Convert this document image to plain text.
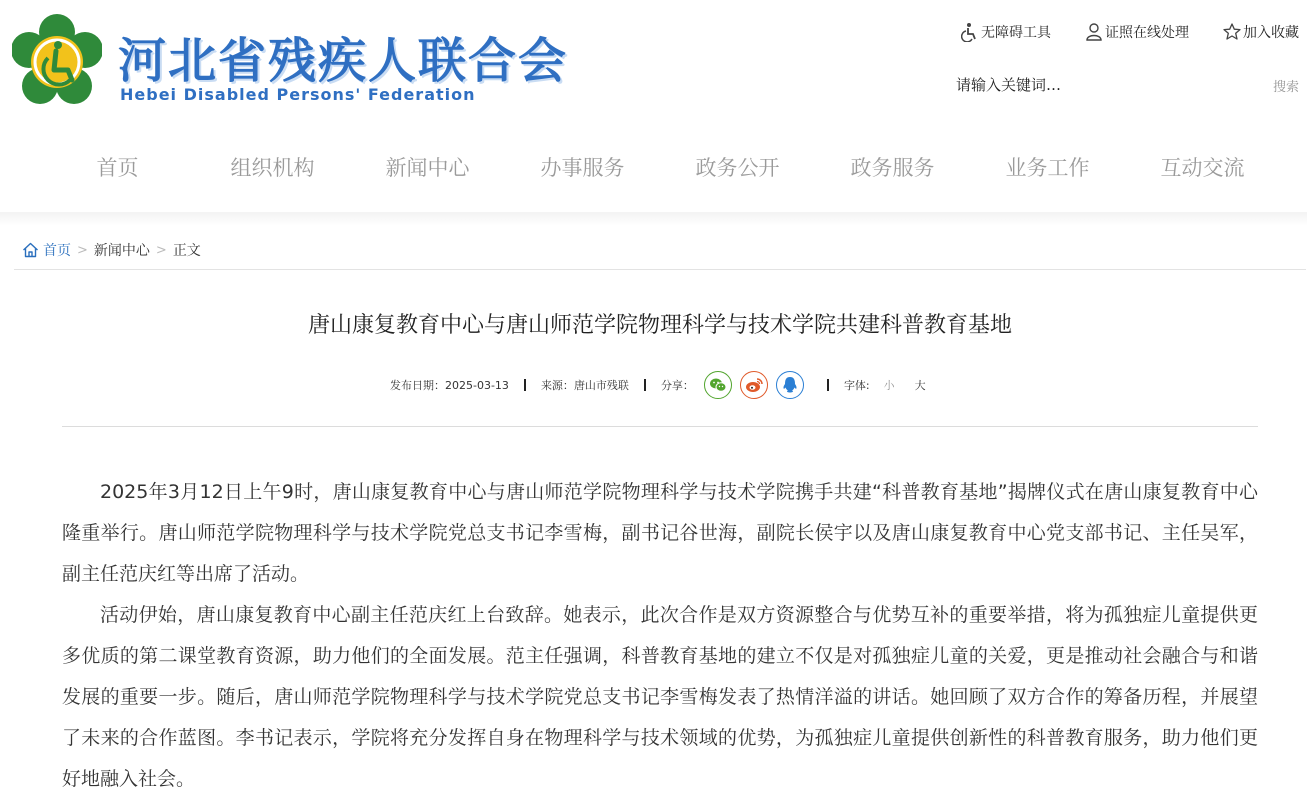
河北省残疾人联合会
Hebei Disabled Persons' Federation
无障碍工具	证照在线处理	加入收藏
请输入关键词…
搜索
首页	组织机构	新闻中心	办事服务	政务公开	政务服务	业务工作	互动交流
首页 > 新闻中心 > 正文
唐山康复教育中心与唐山师范学院物理科学与技术学院共建科普教育基地
发布日期： 2025-03-13	来源： 唐山市残联	分享：	字体: 小 大

2025年3月12日上午9时，唐山康复教育中心与唐山师范学院物理科学与技术学院携手共建“科普教育基地”揭牌仪式在唐山康复教育中心隆重举行。唐山师范学院物理科学与技术学院党总支书记李雪梅，副书记谷世海，副院长侯宇以及唐山康复教育中心党支部书记、主任吴军，副主任范庆红等出席了活动。

活动伊始，唐山康复教育中心副主任范庆红上台致辞。她表示，此次合作是双方资源整合与优势互补的重要举措，将为孤独症儿童提供更多优质的第二课堂教育资源，助力他们的全面发展。范主任强调，科普教育基地的建立不仅是对孤独症儿童的关爱，更是推动社会融合与和谐发展的重要一步。随后，唐山师范学院物理科学与技术学院党总支书记李雪梅发表了热情洋溢的讲话。她回顾了双方合作的筹备历程，并展望了未来的合作蓝图。李书记表示，学院将充分发挥自身在物理科学与技术领域的优势，为孤独症儿童提供创新性的科普教育服务，助力他们更好地融入社会。
